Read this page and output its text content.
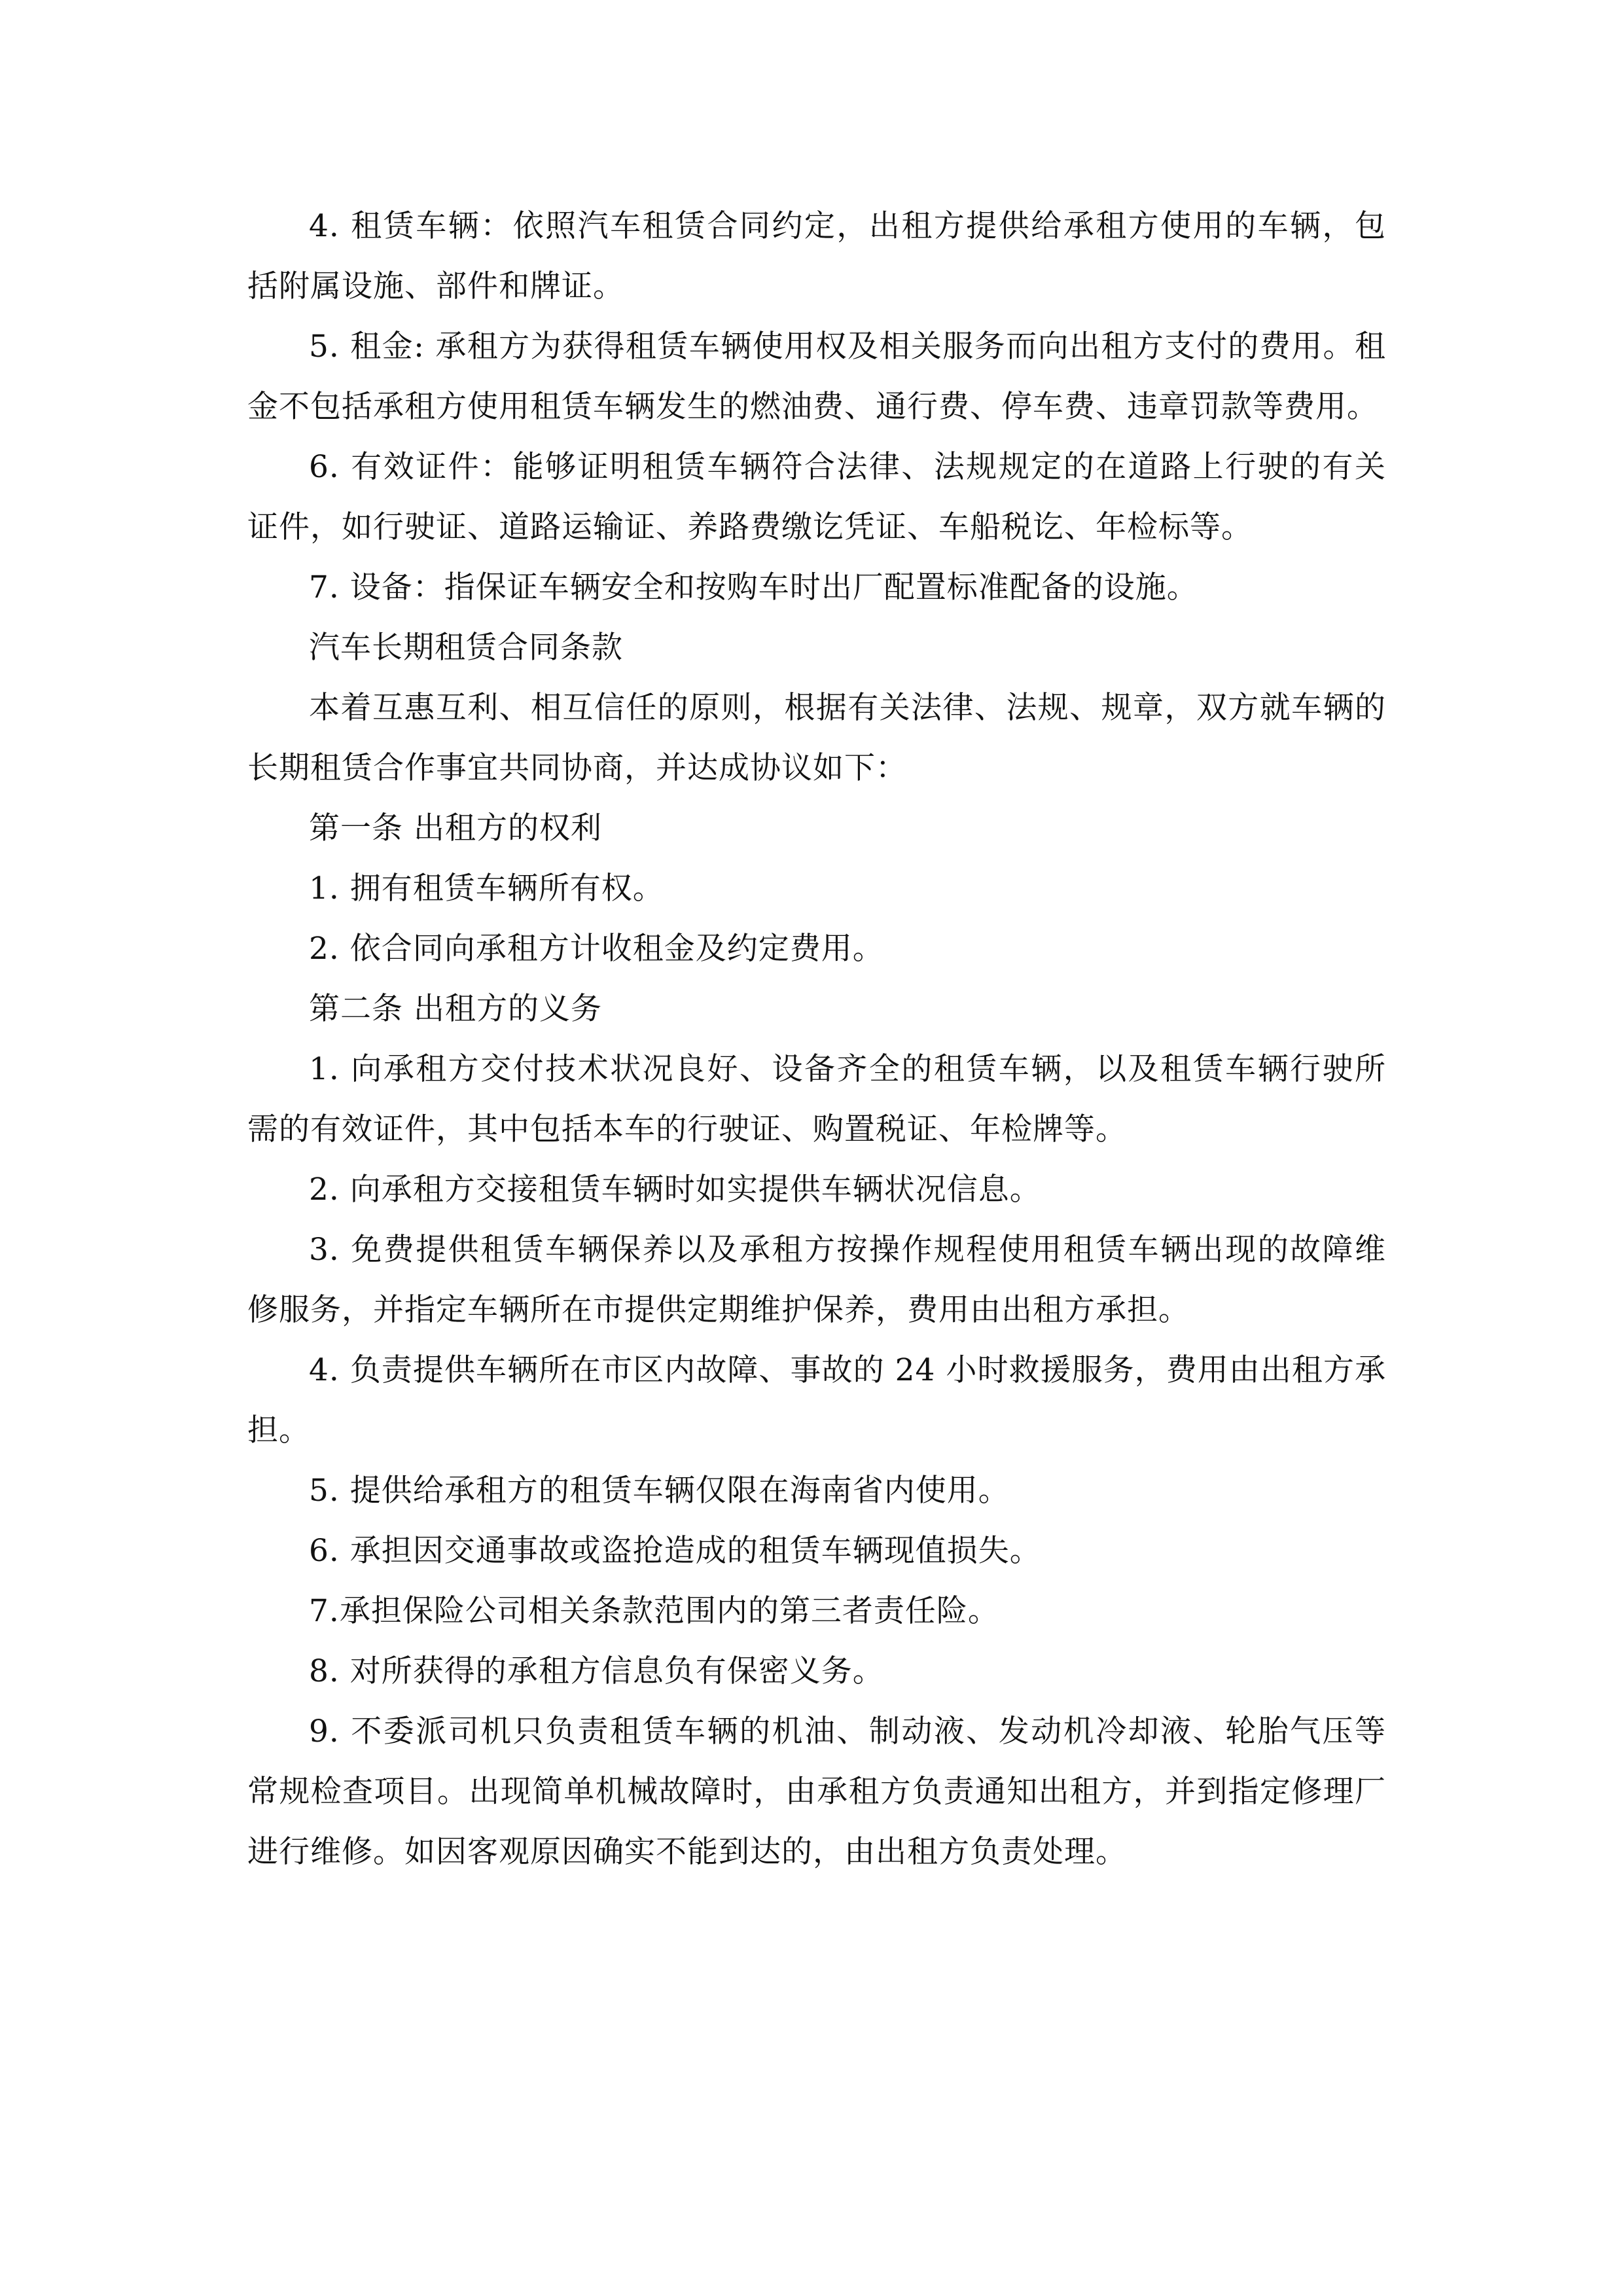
4. 租赁车辆：依照汽车租赁合同约定，出租方提供给承租方使用的车辆，包括附属设施、部件和牌证。

5. 租金: 承租方为获得租赁车辆使用权及相关服务而向出租方支付的费用。租金不包括承租方使用租赁车辆发生的燃油费、通行费、停车费、违章罚款等费用。

6. 有效证件：能够证明租赁车辆符合法律、法规规定的在道路上行驶的有关证件，如行驶证、道路运输证、养路费缴讫凭证、车船税讫、年检标等。

7. 设备：指保证车辆安全和按购车时出厂配置标准配备的设施。

汽车长期租赁合同条款

本着互惠互利、相互信任的原则，根据有关法律、法规、规章，双方就车辆的长期租赁合作事宜共同协商，并达成协议如下：

第一条 出租方的权利

1. 拥有租赁车辆所有权。

2. 依合同向承租方计收租金及约定费用。

第二条 出租方的义务

1. 向承租方交付技术状况良好、设备齐全的租赁车辆，以及租赁车辆行驶所需的有效证件，其中包括本车的行驶证、购置税证、年检牌等。

2. 向承租方交接租赁车辆时如实提供车辆状况信息。

3. 免费提供租赁车辆保养以及承租方按操作规程使用租赁车辆出现的故障维修服务，并指定车辆所在市提供定期维护保养，费用由出租方承担。

4. 负责提供车辆所在市区内故障、事故的 24 小时救援服务，费用由出租方承担。

5. 提供给承租方的租赁车辆仅限在海南省内使用。

6. 承担因交通事故或盗抢造成的租赁车辆现值损失。

7.承担保险公司相关条款范围内的第三者责任险。

8. 对所获得的承租方信息负有保密义务。

9. 不委派司机只负责租赁车辆的机油、制动液、发动机冷却液、轮胎气压等常规检查项目。出现简单机械故障时，由承租方负责通知出租方，并到指定修理厂进行维修。如因客观原因确实不能到达的，由出租方负责处理。
